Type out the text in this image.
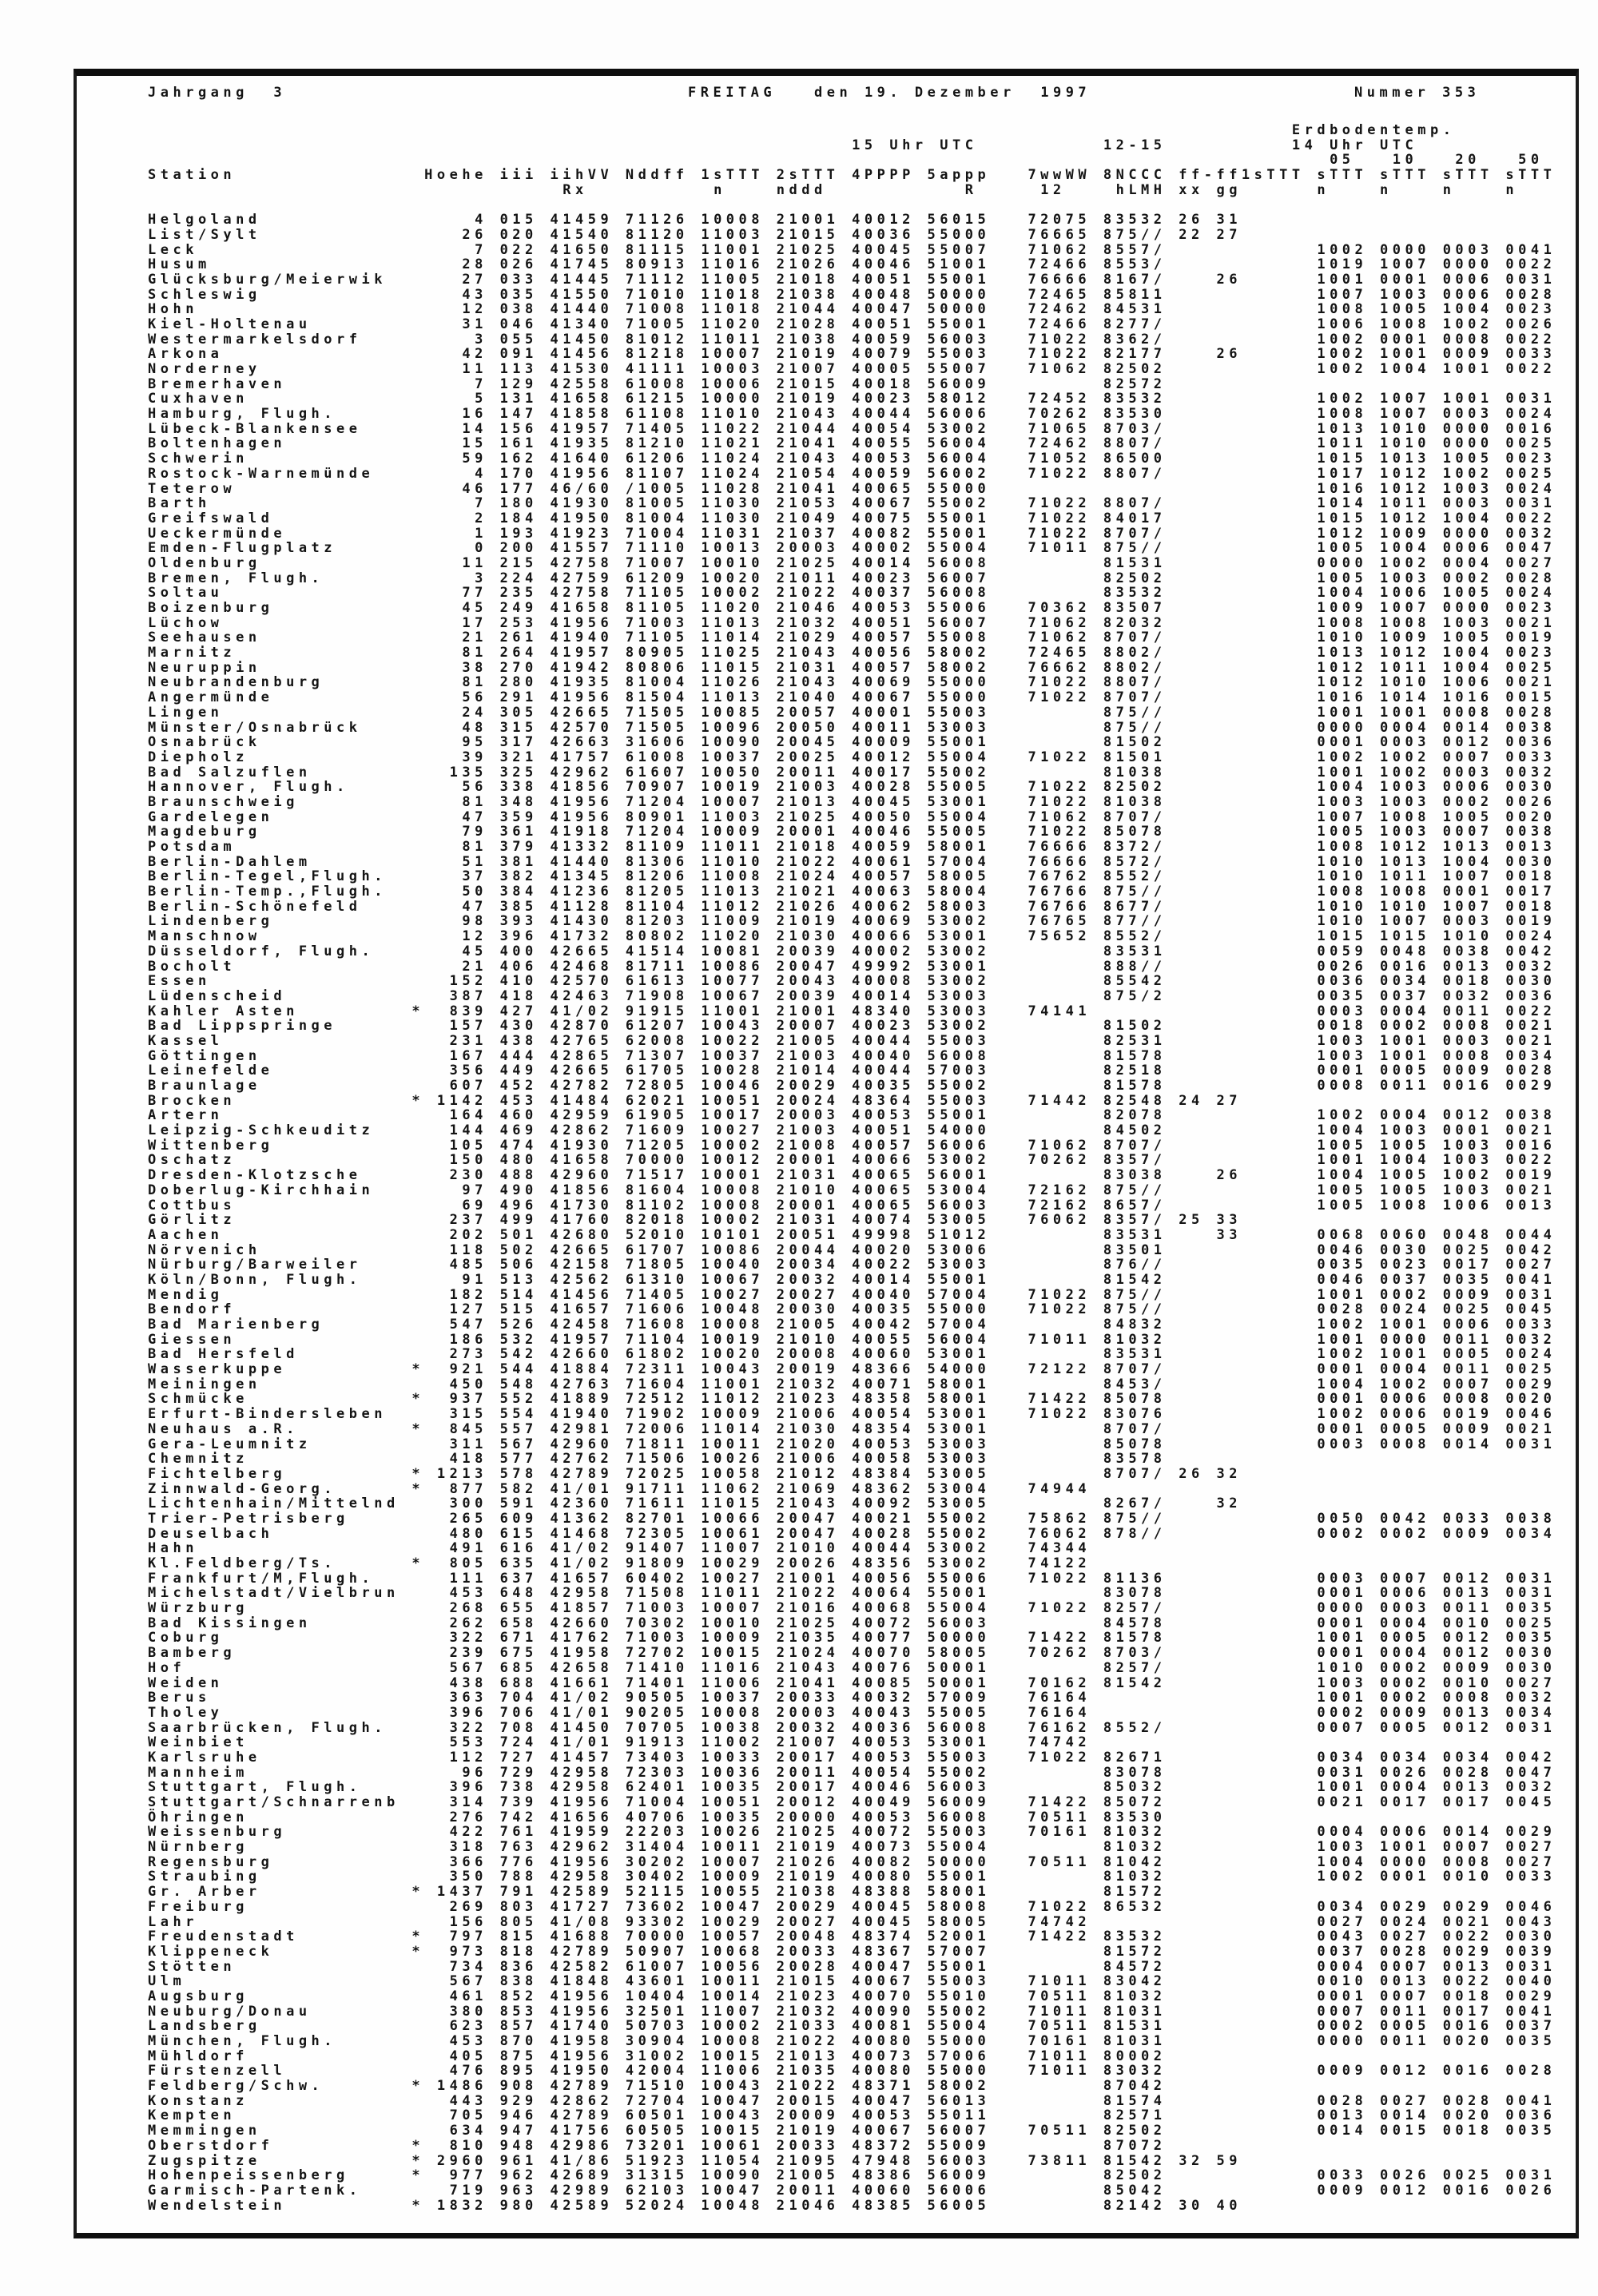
Jahrgang  3

	FREITAG

	den 19. Dezember  1997

	Nummer 353

Erdbodentemp.
15 Uhr UTC          12-15          14 Uhr UTC
05   10   20   50
Station               Hoehe iii iihVV Nddff 1sTTT 2sTTT 4PPPP 5appp   7wwWW 8NCCC ff-ff1sTTT sTTT sTTT sTTT sTTT
Rx          n    nddd           R     12    hLMH xx gg      n    n    n    n
Helgoland                 4 015 41459 71126 10008 21001 40012 56015   72075 83532 26 31
List/Sylt                26 020 41540 81120 11003 21015 40036 55000   76665 875// 22 27
Leck                      7 022 41650 81115 11001 21025 40045 55007   71062 8557/            1002 0000 0003 0041
Husum                    28 026 41745 80913 11016 21026 40046 51001   72466 8553/            1019 1007 0000 0022
Glücksburg/Meierwik      27 033 41445 71112 11005 21018 40051 55001   76666 8167/    26      1001 0001 0006 0031
Schleswig                43 035 41550 71010 11018 21038 40048 50000   72465 85811            1007 1003 0006 0028
Hohn                     12 038 41440 71008 11018 21044 40047 50000   72462 84531            1008 1005 1004 0023
Kiel-Holtenau            31 046 41340 71005 11020 21028 40051 55001   72466 8277/            1006 1008 1002 0026
Westermarkelsdorf         3 055 41450 81012 11011 21038 40059 56003   71022 8362/            1002 0001 0008 0022
Arkona                   42 091 41456 81218 10007 21019 40079 55003   71022 82177    26      1002 1001 0009 0033
Norderney                11 113 41530 41111 10003 21007 40005 55007   71062 82502            1002 1004 1001 0022
Bremerhaven               7 129 42558 61008 10006 21015 40018 56009         82572
Cuxhaven                  5 131 41658 61215 10000 21019 40023 58012   72452 83532            1002 1007 1001 0031
Hamburg, Flugh.          16 147 41858 61108 11010 21043 40044 56006   70262 83530            1008 1007 0003 0024
Lübeck-Blankensee        14 156 41957 71405 11022 21044 40054 53002   71065 8703/            1013 1010 0000 0016
Boltenhagen              15 161 41935 81210 11021 21041 40055 56004   72462 8807/            1011 1010 0000 0025
Schwerin                 59 162 41640 61206 11024 21043 40053 56004   71052 86500            1015 1013 1005 0023
Rostock-Warnemünde        4 170 41956 81107 11024 21054 40059 56002   71022 8807/            1017 1012 1002 0025
Teterow                  46 177 46/60 /1005 11028 21041 40065 55000                          1016 1012 1003 0024
Barth                     7 180 41930 81005 11030 21053 40067 55002   71022 8807/            1014 1011 0003 0031
Greifswald                2 184 41950 81004 11030 21049 40075 55001   71022 84017            1015 1012 1004 0022
Ueckermünde               1 193 41923 71004 11031 21037 40082 55001   71022 8707/            1012 1009 0000 0032
Emden-Flugplatz           0 200 41557 71110 10013 20003 40002 55004   71011 875//            1005 1004 0006 0047
Oldenburg                11 215 42758 71007 10010 21025 40014 56008         81531            0000 1002 0004 0027
Bremen, Flugh.            3 224 42759 61209 10020 21011 40023 56007         82502            1005 1003 0002 0028
Soltau                   77 235 42758 71105 10002 21022 40037 56008         83532            1004 1006 1005 0024
Boizenburg               45 249 41658 81105 11020 21046 40053 55006   70362 83507            1009 1007 0000 0023
Lüchow                   17 253 41956 71003 11013 21032 40051 56007   71062 82032            1008 1008 1003 0021
Seehausen                21 261 41940 71105 11014 21029 40057 55008   71062 8707/            1010 1009 1005 0019
Marnitz                  81 264 41957 80905 11025 21043 40056 58002   72465 8802/            1013 1012 1004 0023
Neuruppin                38 270 41942 80806 11015 21031 40057 58002   76662 8802/            1012 1011 1004 0025
Neubrandenburg           81 280 41935 81004 11026 21043 40069 55000   71022 8807/            1012 1010 1006 0021
Angermünde               56 291 41956 81504 11013 21040 40067 55000   71022 8707/            1016 1014 1016 0015
Lingen                   24 305 42665 71505 10085 20057 40001 55003         875//            1001 1001 0008 0028
Münster/Osnabrück        48 315 42570 71505 10096 20050 40011 53003         875//            0000 0004 0014 0038
Osnabrück                95 317 42663 31606 10090 20045 40009 55001         81502            0001 0003 0012 0036
Diepholz                 39 321 41757 61008 10037 20025 40012 55004   71022 81501            1002 1002 0007 0033
Bad Salzuflen           135 325 42962 61607 10050 20011 40017 55002         81038            1001 1002 0003 0032
Hannover, Flugh.         56 338 41856 70907 10019 21003 40028 55005   71022 82502            1004 1003 0006 0030
Braunschweig             81 348 41956 71204 10007 21013 40045 53001   71022 81038            1003 1003 0002 0026
Gardelegen               47 359 41956 80901 11003 21025 40050 55004   71062 8707/            1007 1008 1005 0020
Magdeburg                79 361 41918 71204 10009 20001 40046 55005   71022 85078            1005 1003 0007 0038
Potsdam                  81 379 41332 81109 11011 21018 40059 58001   76666 8372/            1008 1012 1013 0013
Berlin-Dahlem            51 381 41440 81306 11010 21022 40061 57004   76666 8572/            1010 1013 1004 0030
Berlin-Tegel,Flugh.      37 382 41345 81206 11008 21024 40057 58005   76762 8552/            1010 1011 1007 0018
Berlin-Temp.,Flugh.      50 384 41236 81205 11013 21021 40063 58004   76766 875//            1008 1008 0001 0017
Berlin-Schönefeld        47 385 41128 81104 11012 21026 40062 58003   76766 8677/            1010 1010 1007 0018
Lindenberg               98 393 41430 81203 11009 21019 40069 53002   76765 877//            1010 1007 0003 0019
Manschnow                12 396 41732 80802 11020 21030 40066 53001   75652 8552/            1015 1015 1010 0024
Düsseldorf, Flugh.       45 400 42665 41514 10081 20039 40002 53002         83531            0059 0048 0038 0042
Bocholt                  21 406 42468 81711 10086 20047 49992 53001         888//            0026 0016 0013 0032
Essen                   152 410 42570 61613 10077 20043 40008 53002         85542            0036 0034 0018 0030
Lüdenscheid             387 418 42463 71908 10067 20039 40014 53003         875/2            0035 0037 0032 0036
Kahler Asten         *  839 427 41/02 91915 11001 21001 48340 53003   74141                  0003 0004 0011 0022
Bad Lippspringe         157 430 42870 61207 10043 20007 40023 53002         81502            0018 0002 0008 0021
Kassel                  231 438 42765 62008 10022 21005 40044 55003         82531            1003 1001 0003 0021
Göttingen               167 444 42865 71307 10037 21003 40040 56008         81578            1003 1001 0008 0034
Leinefelde              356 449 42665 61705 10028 21014 40044 57003         82518            0001 0005 0009 0028
Braunlage               607 452 42782 72805 10046 20029 40035 55002         81578            0008 0011 0016 0029
Brocken              * 1142 453 41484 62021 10051 20024 48364 55003   71442 82548 24 27
Artern                  164 460 42959 61905 10017 20003 40053 55001         82078            1002 0004 0012 0038
Leipzig-Schkeuditz      144 469 42862 71609 10027 21003 40051 54000         84502            1004 1003 0001 0021
Wittenberg              105 474 41930 71205 10002 21008 40057 56006   71062 8707/            1005 1005 1003 0016
Oschatz                 150 480 41658 70000 10012 20001 40066 53002   70262 8357/            1001 1004 1003 0022
Dresden-Klotzsche       230 488 42960 71517 10001 21031 40065 56001         83038    26      1004 1005 1002 0019
Doberlug-Kirchhain       97 490 41856 81604 10008 21010 40065 53004   72162 875//            1005 1005 1003 0021
Cottbus                  69 496 41730 81102 10008 20001 40065 56003   72162 8657/            1005 1008 1006 0013
Görlitz                 237 499 41760 82018 10002 21031 40074 53005   76062 8357/ 25 33
Aachen                  202 501 42680 52010 10101 20051 49998 51012         83531    33      0068 0060 0048 0044
Nörvenich               118 502 42665 61707 10086 20044 40020 53006         83501            0046 0030 0025 0042
Nürburg/Barweiler       485 506 42158 71805 10040 20034 40022 53003         876//            0035 0023 0017 0027
Köln/Bonn, Flugh.        91 513 42562 61310 10067 20032 40014 55001         81542            0046 0037 0035 0041
Mendig                  182 514 41456 71405 10027 20027 40040 57004   71022 875//            1001 0002 0009 0031
Bendorf                 127 515 41657 71606 10048 20030 40035 55000   71022 875//            0028 0024 0025 0045
Bad Marienberg          547 526 42458 71608 10008 21005 40042 57004         84832            1002 1001 0006 0033
Giessen                 186 532 41957 71104 10019 21010 40055 56004   71011 81032            1001 0000 0011 0032
Bad Hersfeld            273 542 42660 61802 10020 20008 40060 53001         83531            1002 1001 0005 0024
Wasserkuppe          *  921 544 41884 72311 10043 20019 48366 54000   72122 8707/            0001 0004 0011 0025
Meiningen               450 548 42763 71604 11001 21032 40071 58001         8453/            1004 1002 0007 0029
Schmücke             *  937 552 41889 72512 11012 21023 48358 58001   71422 85078            0001 0006 0008 0020
Erfurt-Bindersleben     315 554 41940 71902 10009 21006 40054 53001   71022 83076            1002 0006 0019 0046
Neuhaus a.R.         *  845 557 42981 72006 11014 21030 48354 53001         8707/            0001 0005 0009 0021
Gera-Leumnitz           311 567 42960 71811 10011 21020 40053 53003         85078            0003 0008 0014 0031
Chemnitz                418 577 42762 71506 10026 21006 40058 53003         83578
Fichtelberg          * 1213 578 42789 72025 10058 21012 48384 53005         8707/ 26 32
Zinnwald-Georg.      *  877 582 41/01 91711 11062 21069 48362 53004   74944
Lichtenhain/Mittelnd    300 591 42360 71611 11015 21043 40092 53005         8267/    32
Trier-Petrisberg        265 609 41362 82701 10066 20047 40021 55002   75862 875//            0050 0042 0033 0038
Deuselbach              480 615 41468 72305 10061 20047 40028 55002   76062 878//            0002 0002 0009 0034
Hahn                    491 616 41/02 91407 11007 21010 40044 53002   74344
Kl.Feldberg/Ts.      *  805 635 41/02 91809 10029 20026 48356 53002   74122
Frankfurt/M,Flugh.      111 637 41657 60402 10027 21001 40056 55006   71022 81136            0003 0007 0012 0031
Michelstadt/Vielbrun    453 648 42958 71508 11011 21022 40064 55001         83078            0001 0006 0013 0031
Würzburg                268 655 41857 71003 10007 21016 40068 55004   71022 8257/            0000 0003 0011 0035
Bad Kissingen           262 658 42660 70302 10010 21025 40072 56003         84578            0001 0004 0010 0025
Coburg                  322 671 41762 71003 10009 21035 40077 50000   71422 81578            1001 0005 0012 0035
Bamberg                 239 675 41958 72702 10015 21024 40070 58005   70262 8703/            0001 0004 0012 0030
Hof                     567 685 42658 71410 11016 21043 40076 50001         8257/            1010 0002 0009 0030
Weiden                  438 688 41661 71401 11006 21041 40085 50001   70162 81542            1003 0002 0010 0027
Berus                   363 704 41/02 90505 10037 20033 40032 57009   76164                  1001 0002 0008 0032
Tholey                  396 706 41/01 90205 10008 20003 40043 55005   76164                  0002 0009 0013 0034
Saarbrücken, Flugh.     322 708 41450 70705 10038 20032 40036 56008   76162 8552/            0007 0005 0012 0031
Weinbiet                553 724 41/01 91913 11002 21007 40053 53001   74742
Karlsruhe               112 727 41457 73403 10033 20017 40053 55003   71022 82671            0034 0034 0034 0042
Mannheim                 96 729 42958 72303 10036 20011 40054 55002         83078            0031 0026 0028 0047
Stuttgart, Flugh.       396 738 42958 62401 10035 20017 40046 56003         85032            1001 0004 0013 0032
Stuttgart/Schnarrenb    314 739 41956 71004 10051 20012 40049 56009   71422 85072            0021 0017 0017 0045
Öhringen                276 742 41656 40706 10035 20000 40053 56008   70511 83530
Weissenburg             422 761 41959 22203 10026 21025 40072 55003   70161 81032            0004 0006 0014 0029
Nürnberg                318 763 42962 31404 10011 21019 40073 55004         81032            1003 1001 0007 0027
Regensburg              366 776 41956 30202 10007 21026 40082 50000   70511 81042            1004 0000 0008 0027
Straubing               350 788 42958 30402 10009 21019 40080 55001         81032            1002 0001 0010 0033
Gr. Arber            * 1437 791 42589 52115 10055 21038 48388 58001         81572
Freiburg                269 803 41727 73602 10047 20029 40045 58008   71022 86532            0034 0029 0029 0046
Lahr                    156 805 41/08 93302 10029 20027 40045 58005   74742                  0027 0024 0021 0043
Freudenstadt         *  797 815 41688 70000 10057 20048 48374 52001   71422 83532            0043 0027 0022 0030
Klippeneck           *  973 818 42789 50907 10068 20033 48367 57007         81572            0037 0028 0029 0039
Stötten                 734 836 42582 61007 10056 20028 40047 55001         84572            0004 0007 0013 0031
Ulm                     567 838 41848 43601 10011 21015 40067 55003   71011 83042            0010 0013 0022 0040
Augsburg                461 852 41956 10404 10014 21023 40070 55010   70511 81032            0001 0007 0018 0029
Neuburg/Donau           380 853 41956 32501 11007 21032 40090 55002   71011 81031            0007 0011 0017 0041
Landsberg               623 857 41740 50703 10002 21033 40081 55004   70511 81531            0002 0005 0016 0037
München, Flugh.         453 870 41958 30904 10008 21022 40080 55000   70161 81031            0000 0011 0020 0035
Mühldorf                405 875 41956 31002 10015 21013 40073 57006   71011 80002
Fürstenzell             476 895 41950 42004 11006 21035 40080 55000   71011 83032            0009 0012 0016 0028
Feldberg/Schw.       * 1486 908 42789 71510 10043 21022 48371 58002         87042
Konstanz                443 929 42862 72704 10047 20015 40047 56013         81574            0028 0027 0028 0041
Kempten                 705 946 42789 60501 10043 20009 40053 55011         82571            0013 0014 0020 0036
Memmingen               634 947 41756 60505 10015 21019 40067 56007   70511 82502            0014 0015 0018 0035
Oberstdorf           *  810 948 42986 73201 10061 20033 48372 55009         87072
Zugspitze            * 2960 961 41/86 51923 11054 21095 47948 56003   73811 81542 32 59
Hohenpeissenberg     *  977 962 42689 31315 10090 21005 48386 56009         82502            0033 0026 0025 0031
Garmisch-Partenk.       719 963 42989 62103 10047 20011 40060 56006         85042            0009 0012 0016 0026
Wendelstein          * 1832 980 42589 52024 10048 21046 48385 56005         82142 30 40
